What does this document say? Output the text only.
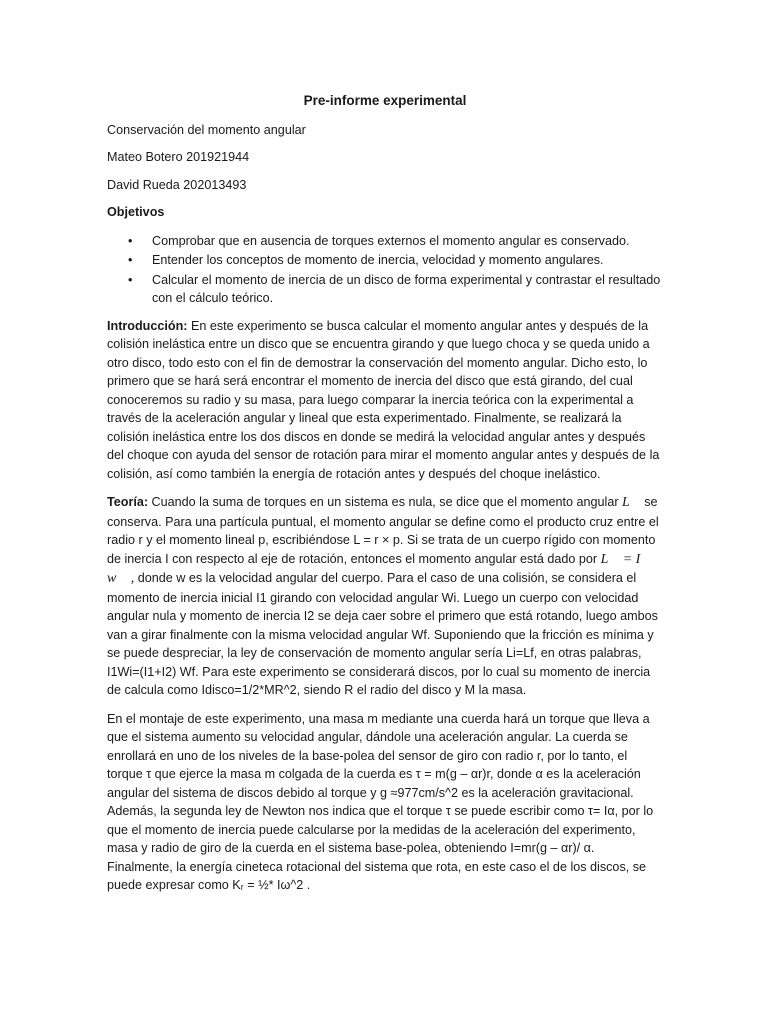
Pre-informe experimental
Conservación del momento angular
Mateo Botero 201921944
David Rueda 202013493
Objetivos
• Comprobar que en ausencia de torques externos el momento angular es conservado.
• Entender los conceptos de momento de inercia, velocidad y momento angulares.
• Calcular el momento de inercia de un disco de forma experimental y contrastar el resultado con el cálculo teórico.
Introducción: En este experimento se busca calcular el momento angular antes y después de la colisión inelástica entre un disco que se encuentra girando y que luego choca y se queda unido a otro disco, todo esto con el fin de demostrar la conservación del momento angular. Dicho esto, lo primero que se hará será encontrar el momento de inercia del disco que está girando, del cual conoceremos su radio y su masa, para luego comparar la inercia teórica con la experimental a través de la aceleración angular y lineal que esta experimentado. Finalmente, se realizará la colisión inelástica entre los dos discos en donde se medirá la velocidad angular antes y después del choque con ayuda del sensor de rotación para mirar el momento angular antes y después de la colisión, así como también la energía de rotación antes y después del choque inelástico.
Teoría: Cuando la suma de torques en un sistema es nula, se dice que el momento angular L⃗ se conserva. Para una partícula puntual, el momento angular se define como el producto cruz entre el radio r y el momento lineal p, escribiéndose L = r × p. Si se trata de un cuerpo rígido con momento de inercia I con respecto al eje de rotación, entonces el momento angular está dado por L⃗ = I w⃗ , donde w es la velocidad angular del cuerpo. Para el caso de una colisión, se considera el momento de inercia inicial I1 girando con velocidad angular Wi. Luego un cuerpo con velocidad angular nula y momento de inercia I2 se deja caer sobre el primero que está rotando, luego ambos van a girar finalmente con la misma velocidad angular Wf. Suponiendo que la fricción es mínima y se puede despreciar, la ley de conservación de momento angular sería Li=Lf, en otras palabras, I1Wi=(I1+I2) Wf. Para este experimento se considerará discos, por lo cual su momento de inercia de calcula como Idisco=1/2*MR^2, siendo R el radio del disco y M la masa.
En el montaje de este experimento, una masa m mediante una cuerda hará un torque que lleva a que el sistema aumento su velocidad angular, dándole una aceleración angular. La cuerda se enrollará en uno de los niveles de la base-polea del sensor de giro con radio r, por lo tanto, el torque τ que ejerce la masa m colgada de la cuerda es τ = m(g – αr)r, donde α es la aceleración angular del sistema de discos debido al torque y g ≈977cm/s^2 es la aceleración gravitacional. Además, la segunda ley de Newton nos indica que el torque τ se puede escribir como τ= Iα, por lo que el momento de inercia puede calcularse por la medidas de la aceleración del experimento, masa y radio de giro de la cuerda en el sistema base-polea, obteniendo I=mr(g – αr)/ α. Finalmente, la energía cineteca rotacional del sistema que rota, en este caso el de los discos, se puede expresar como Kᵣ = ½* Iω^2 .
